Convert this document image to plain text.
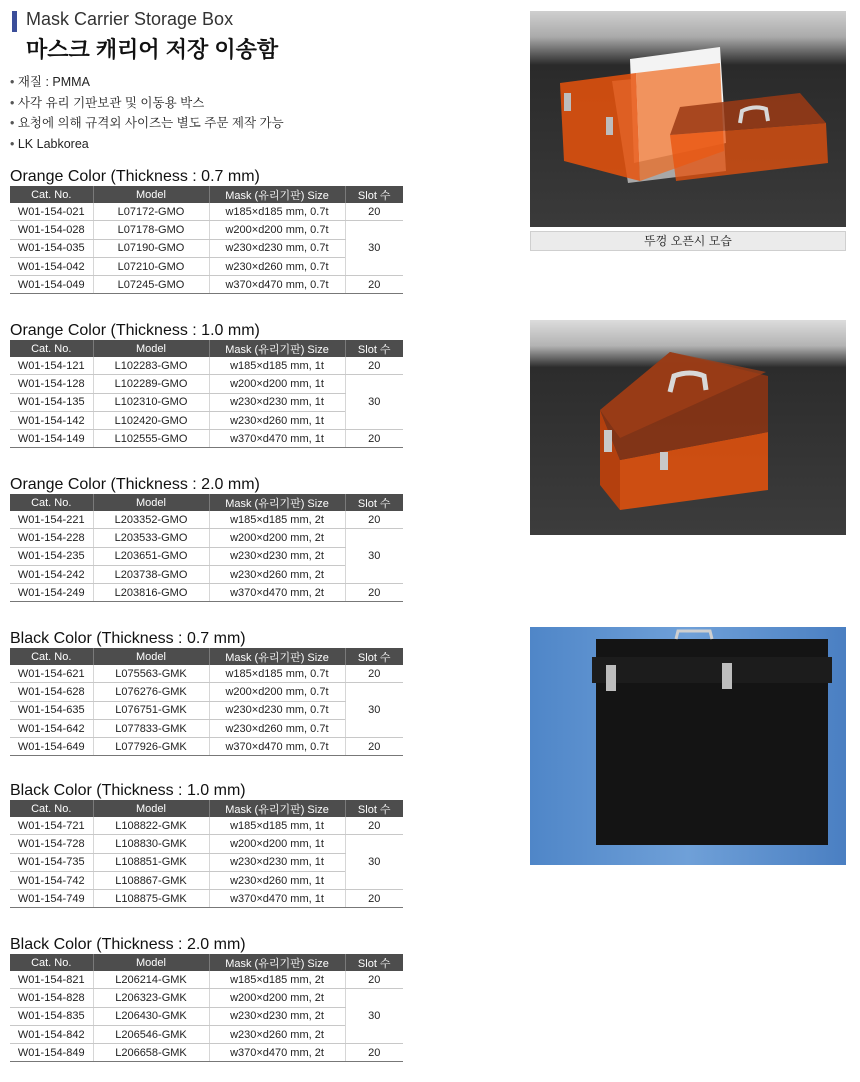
Mask Carrier Storage Box
마스크 캐리어 저장 이송함
• 재질 : PMMA
• 사각 유리 기판보관 및 이동용 박스
• 요청에 의해 규격외 사이즈는 별도 주문 제작 가능
• LK Labkorea
Orange Color (Thickness : 0.7 mm)
Cat. No.	Model	Mask (유리기판) Size	Slot 수
W01-154-021	L07172-GMO	w185×d185 mm, 0.7t	20
W01-154-028	L07178-GMO	w200×d200 mm, 0.7t	30
W01-154-035	L07190-GMO	w230×d230 mm, 0.7t	
W01-154-042	L07210-GMO	w230×d260 mm, 0.7t	
W01-154-049	L07245-GMO	w370×d470 mm, 0.7t	20
Orange Color (Thickness : 1.0 mm)
Cat. No.	Model	Mask (유리기판) Size	Slot 수
W01-154-121	L102283-GMO	w185×d185 mm, 1t	20
W01-154-128	L102289-GMO	w200×d200 mm, 1t	30
W01-154-135	L102310-GMO	w230×d230 mm, 1t	
W01-154-142	L102420-GMO	w230×d260 mm, 1t	
W01-154-149	L102555-GMO	w370×d470 mm, 1t	20
Orange Color (Thickness : 2.0 mm)
Cat. No.	Model	Mask (유리기판) Size	Slot 수
W01-154-221	L203352-GMO	w185×d185 mm, 2t	20
W01-154-228	L203533-GMO	w200×d200 mm, 2t	30
W01-154-235	L203651-GMO	w230×d230 mm, 2t	
W01-154-242	L203738-GMO	w230×d260 mm, 2t	
W01-154-249	L203816-GMO	w370×d470 mm, 2t	20
Black Color (Thickness : 0.7 mm)
Cat. No.	Model	Mask (유리기판) Size	Slot 수
W01-154-621	L075563-GMK	w185×d185 mm, 0.7t	20
W01-154-628	L076276-GMK	w200×d200 mm, 0.7t	30
W01-154-635	L076751-GMK	w230×d230 mm, 0.7t	
W01-154-642	L077833-GMK	w230×d260 mm, 0.7t	
W01-154-649	L077926-GMK	w370×d470 mm, 0.7t	20
Black Color (Thickness : 1.0 mm)
Cat. No.	Model	Mask (유리기판) Size	Slot 수
W01-154-721	L108822-GMK	w185×d185 mm, 1t	20
W01-154-728	L108830-GMK	w200×d200 mm, 1t	30
W01-154-735	L108851-GMK	w230×d230 mm, 1t	
W01-154-742	L108867-GMK	w230×d260 mm, 1t	
W01-154-749	L108875-GMK	w370×d470 mm, 1t	20
Black Color (Thickness : 2.0 mm)
Cat. No.	Model	Mask (유리기판) Size	Slot 수
W01-154-821	L206214-GMK	w185×d185 mm, 2t	20
W01-154-828	L206323-GMK	w200×d200 mm, 2t	30
W01-154-835	L206430-GMK	w230×d230 mm, 2t	
W01-154-842	L206546-GMK	w230×d260 mm, 2t	
W01-154-849	L206658-GMK	w370×d470 mm, 2t	20
뚜껑 오픈시 모습
